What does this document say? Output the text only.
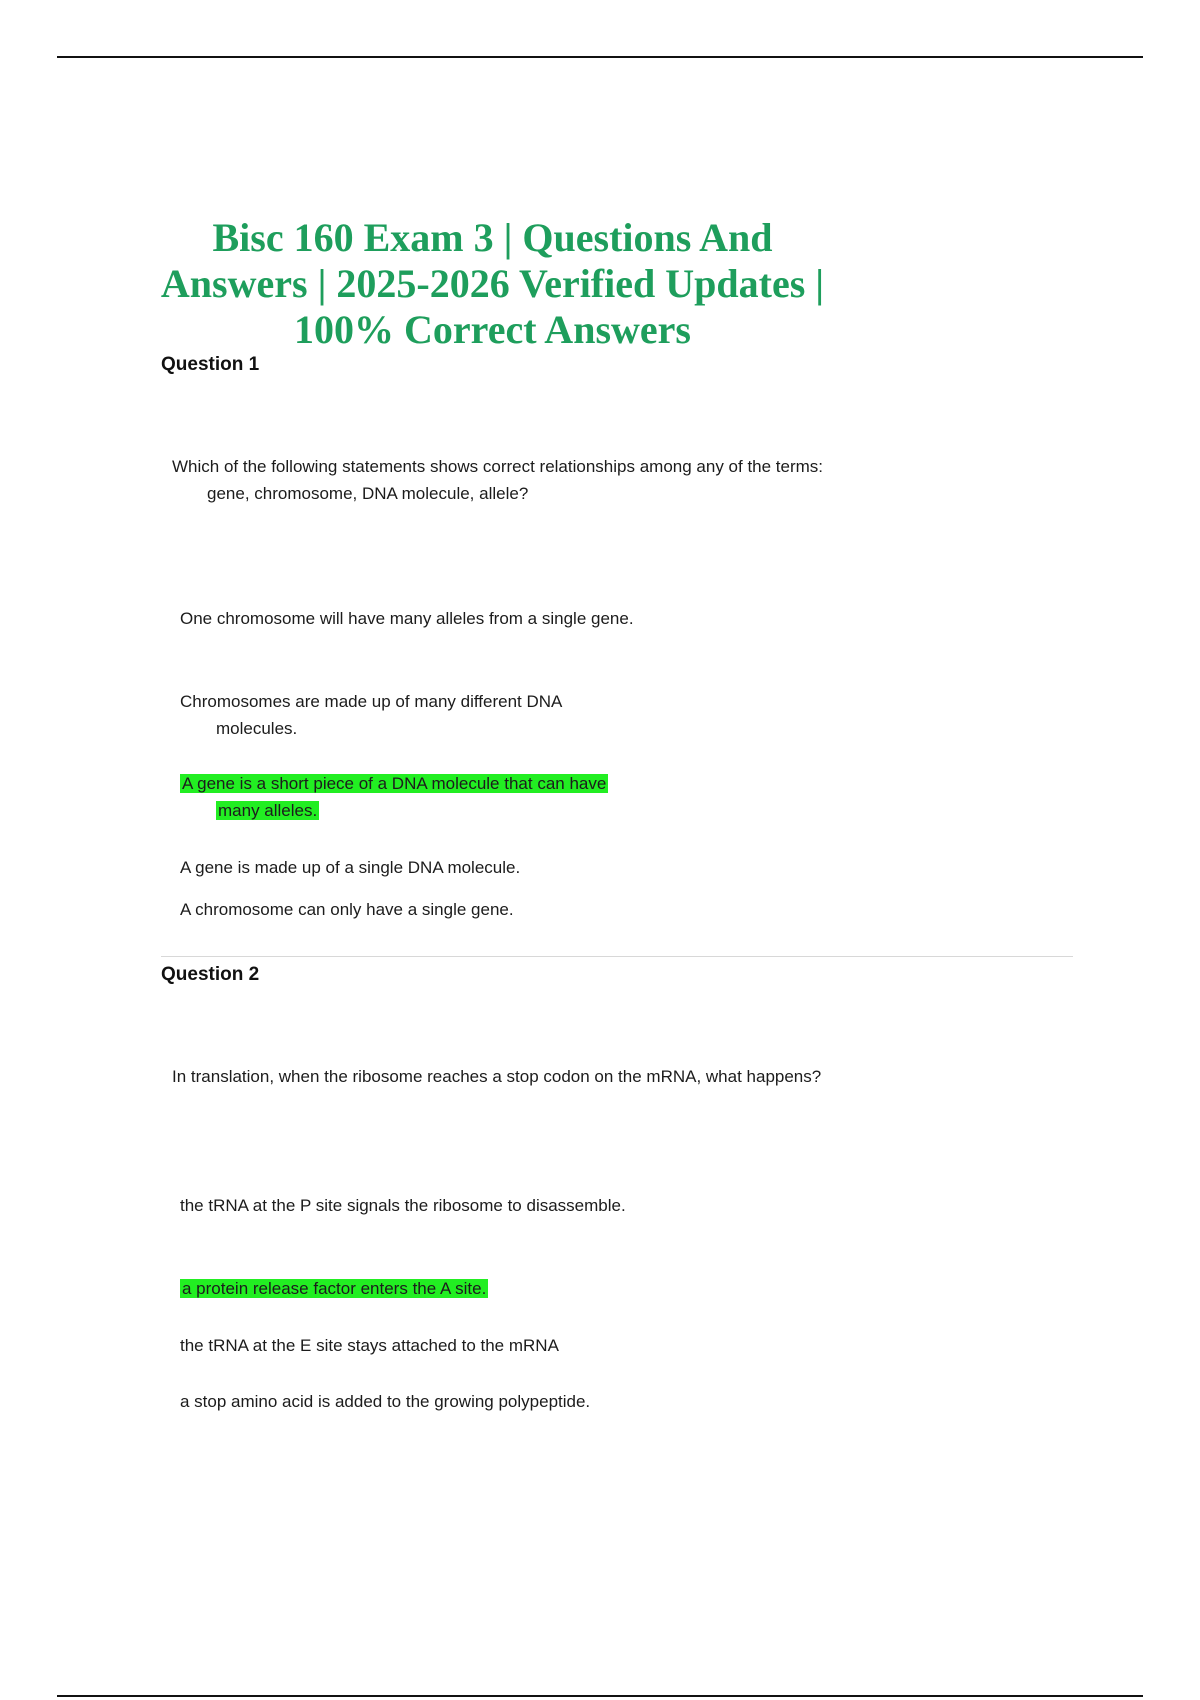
Bisc 160 Exam 3 | Questions And Answers | 2025-2026 Verified Updates | 100% Correct Answers
Question 1

Which of the following statements shows correct relationships among any of the terms: gene, chromosome, DNA molecule, allele?

One chromosome will have many alleles from a single gene.

Chromosomes are made up of many different DNA molecules.

A gene is a short piece of a DNA molecule that can have many alleles.

A gene is made up of a single DNA molecule.

A chromosome can only have a single gene.

Question 2

In translation, when the ribosome reaches a stop codon on the mRNA, what happens?

the tRNA at the P site signals the ribosome to disassemble.

a protein release factor enters the A site.

the tRNA at the E site stays attached to the mRNA

a stop amino acid is added to the growing polypeptide.
